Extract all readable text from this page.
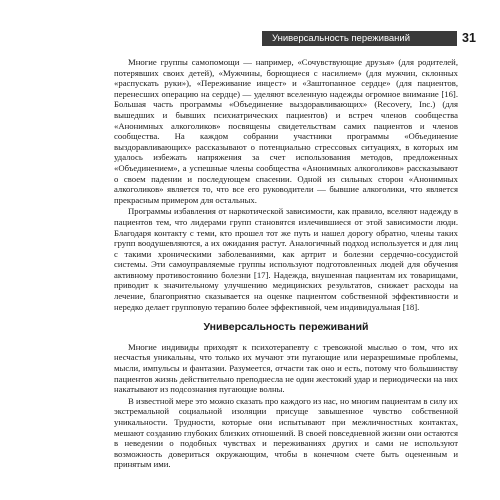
Универсальность переживаний	31

Многие группы самопомощи — например, «Сочувствующие друзья» (для родителей, потерявших своих детей), «Мужчины, борющиеся с насилием» (для мужчин, склонных «распускать руки»), «Переживание инцест» и «Заштопанное сердце» (для пациентов, перенесших операцию на сердце) — уделяют вселенную надежды огромное внимание [16]. Большая часть программы «Объединение выздоравливающих» (Recovery, Inc.) (для вышедших и бывших психиатрических пациентов) и встреч членов сообщества «Анонимных алкоголиков» посвящены свидетельствам самих пациентов и членов сообщества. На каждом собрании участники программы «Объединение выздоравливающих» рассказывают о потенциально стрессовых ситуациях, в которых им удалось избежать напряжения за счет использования методов, предложенных «Объединением», а успешные члены сообщества «Анонимных алкоголиков» рассказывают о своем падении и последующем спасении. Одной из сильных сторон «Анонимных алкоголиков» является то, что все его руководители — бывшие алкоголики, что является прекрасным примером для остальных.

Программы избавления от наркотической зависимости, как правило, вселяют надежду в пациентов тем, что лидерами групп становятся излечившиеся от этой зависимости люди. Благодаря контакту с теми, кто прошел тот же путь и нашел дорогу обратно, члены таких групп воодушевляются, а их ожидания растут. Аналогичный подход используется и для лиц с такими хроническими заболеваниями, как артрит и болезни сердечно-сосудистой системы. Эти самоуправляемые группы используют подготовленных людей для обучения активному противостоянию болезни [17]. Надежда, внушенная пациентам их товарищами, приводит к значительному улучшению медицинских результатов, снижает расходы на лечение, благоприятно сказывается на оценке пациентом собственной эффективности и нередко делает групповую терапию более эффективной, чем индивидуальная [18].

Универсальность переживаний

Многие индивиды приходят к психотерапевту с тревожной мыслью о том, что их несчастья уникальны, что только их мучают эти пугающие или неразрешимые проблемы, мысли, импульсы и фантазии. Разумеется, отчасти так оно и есть, потому что большинству пациентов жизнь действительно преподнесла не один жестокий удар и периодически на них накатывают из подсознания пугающие волны.

В известной мере это можно сказать про каждого из нас, но многим пациентам в силу их экстремальной социальной изоляции присуще завышенное чувство собственной уникальности. Трудности, которые они испытывают при межличностных контактах, мешают созданию глубоких близких отношений. В своей повседневной жизни они остаются в неведении о подобных чувствах и переживаниях других и сами не используют возможность довериться окружающим, чтобы в конечном счете быть оцененным и принятым ими.
